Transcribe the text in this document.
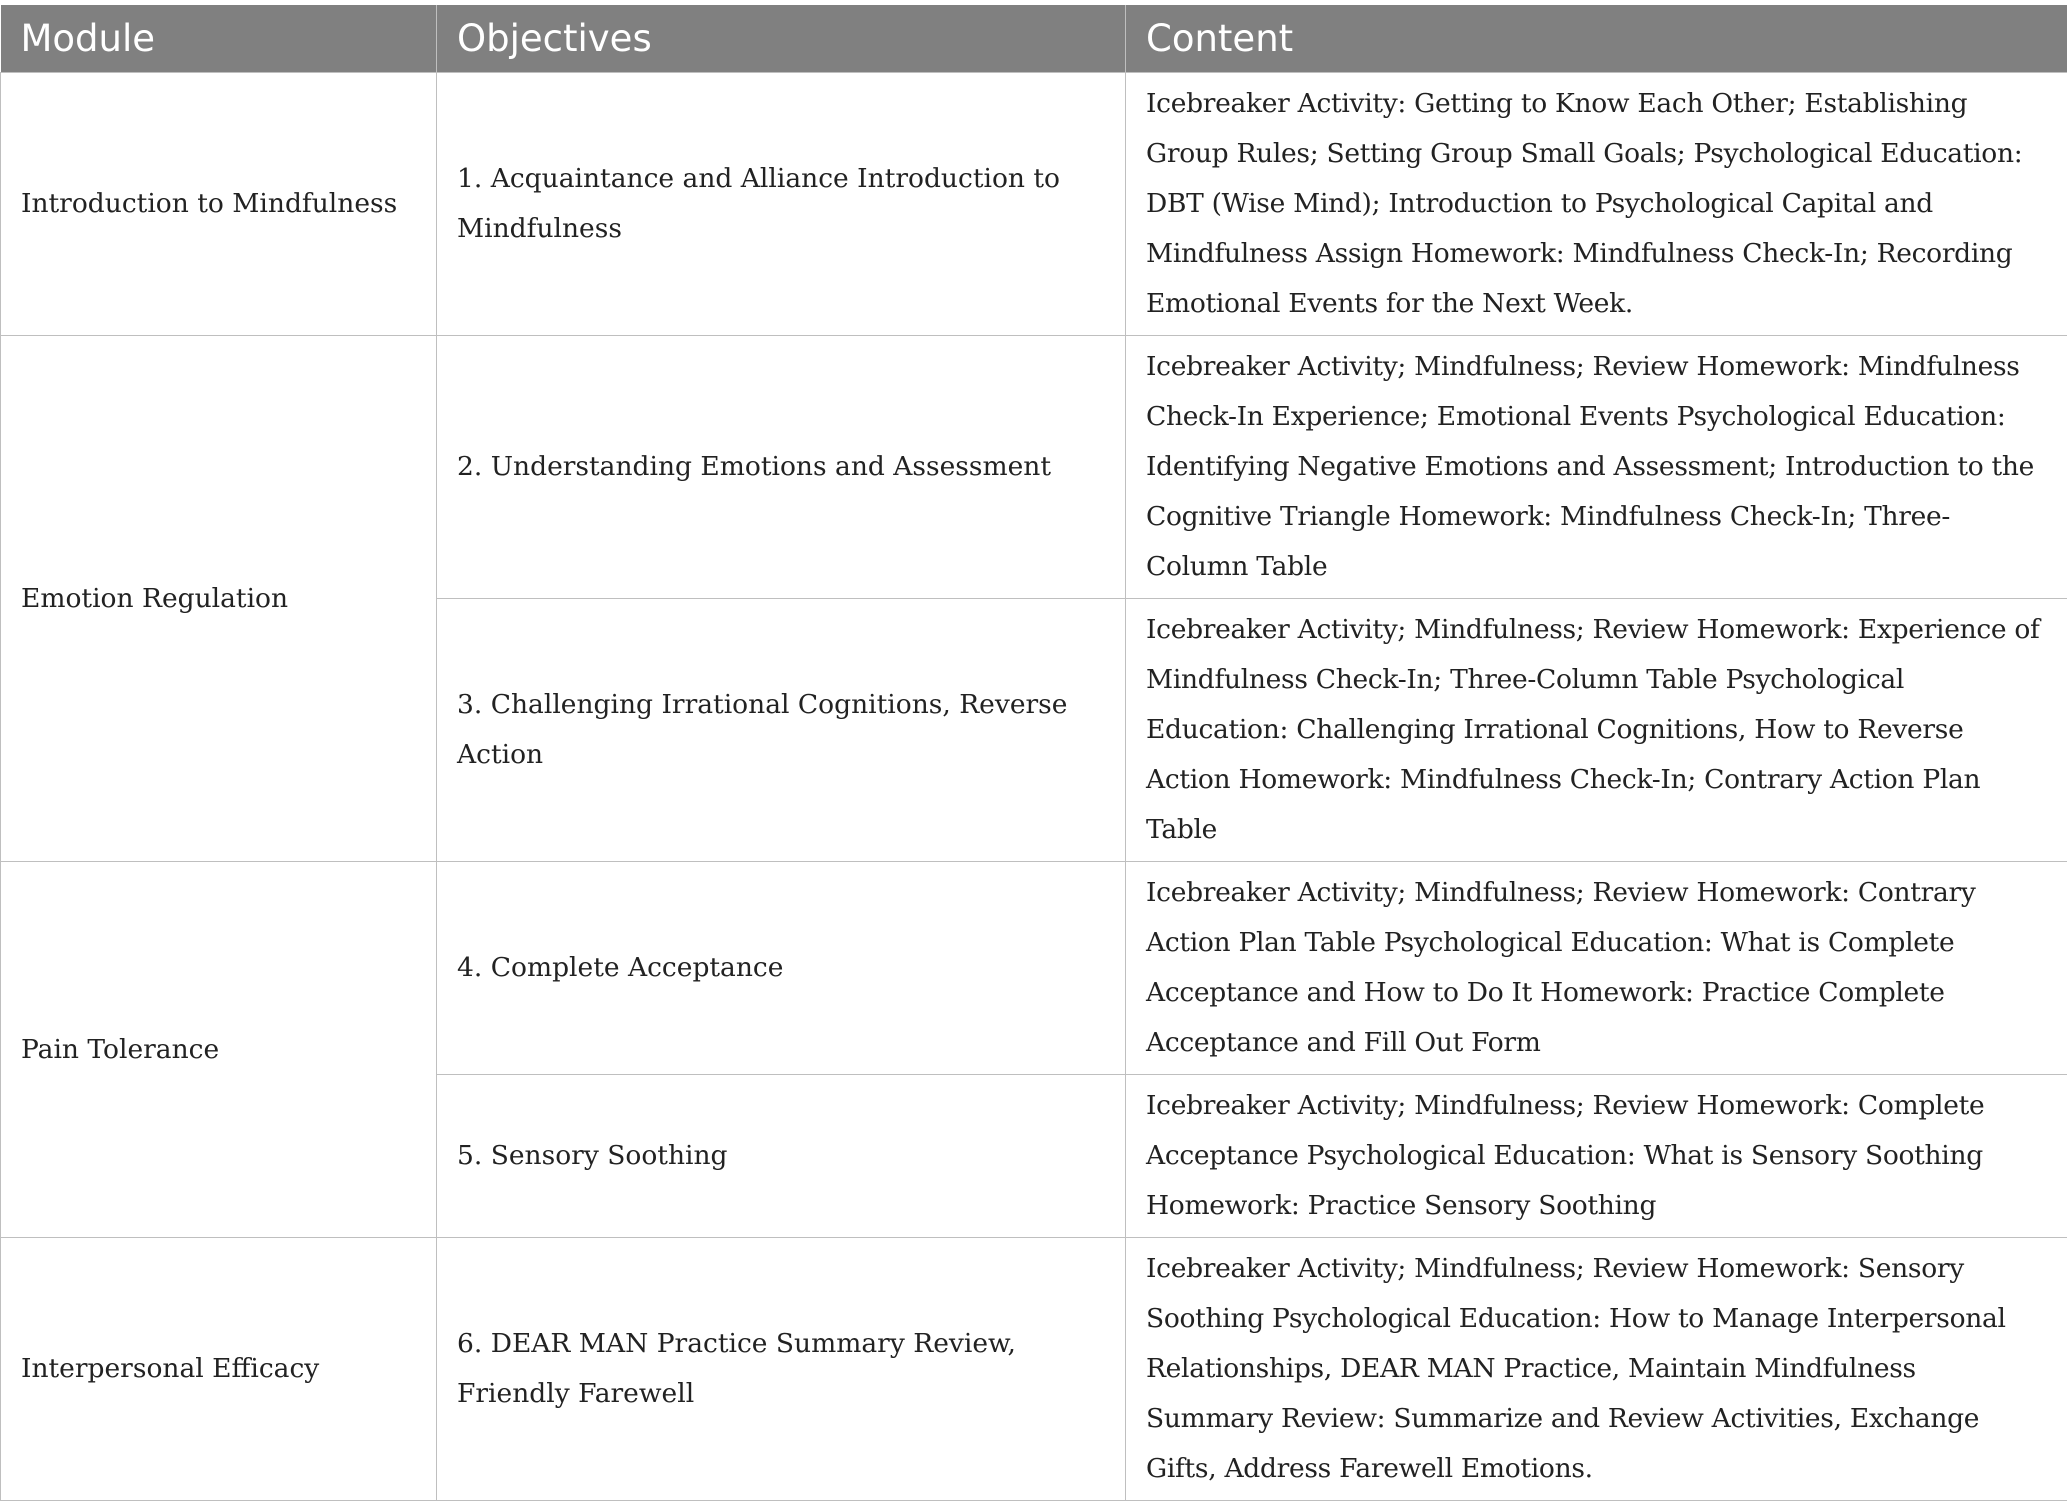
Module	Objectives	Content
Introduction to Mindfulness	1. Acquaintance and Alliance Introduction to Mindfulness	Icebreaker Activity: Getting to Know Each Other; Establishing Group Rules; Setting Group Small Goals; Psychological Education: DBT (Wise Mind); Introduction to Psychological Capital and Mindfulness Assign Homework: Mindfulness Check-In; Recording Emotional Events for the Next Week.
Emotion Regulation	2. Understanding Emotions and Assessment	Icebreaker Activity; Mindfulness; Review Homework: Mindfulness Check-In Experience; Emotional Events Psychological Education: Identifying Negative Emotions and Assessment; Introduction to the Cognitive Triangle Homework: Mindfulness Check-In; Three-Column Table
	3. Challenging Irrational Cognitions, Reverse Action	Icebreaker Activity; Mindfulness; Review Homework: Experience of Mindfulness Check-In; Three-Column Table Psychological Education: Challenging Irrational Cognitions, How to Reverse Action Homework: Mindfulness Check-In; Contrary Action Plan Table
Pain Tolerance	4. Complete Acceptance	Icebreaker Activity; Mindfulness; Review Homework: Contrary Action Plan Table Psychological Education: What is Complete Acceptance and How to Do It Homework: Practice Complete Acceptance and Fill Out Form
	5. Sensory Soothing	Icebreaker Activity; Mindfulness; Review Homework: Complete Acceptance Psychological Education: What is Sensory Soothing Homework: Practice Sensory Soothing
Interpersonal Efficacy	6. DEAR MAN Practice Summary Review, Friendly Farewell	Icebreaker Activity; Mindfulness; Review Homework: Sensory Soothing Psychological Education: How to Manage Interpersonal Relationships, DEAR MAN Practice, Maintain Mindfulness Summary Review: Summarize and Review Activities, Exchange Gifts, Address Farewell Emotions.
